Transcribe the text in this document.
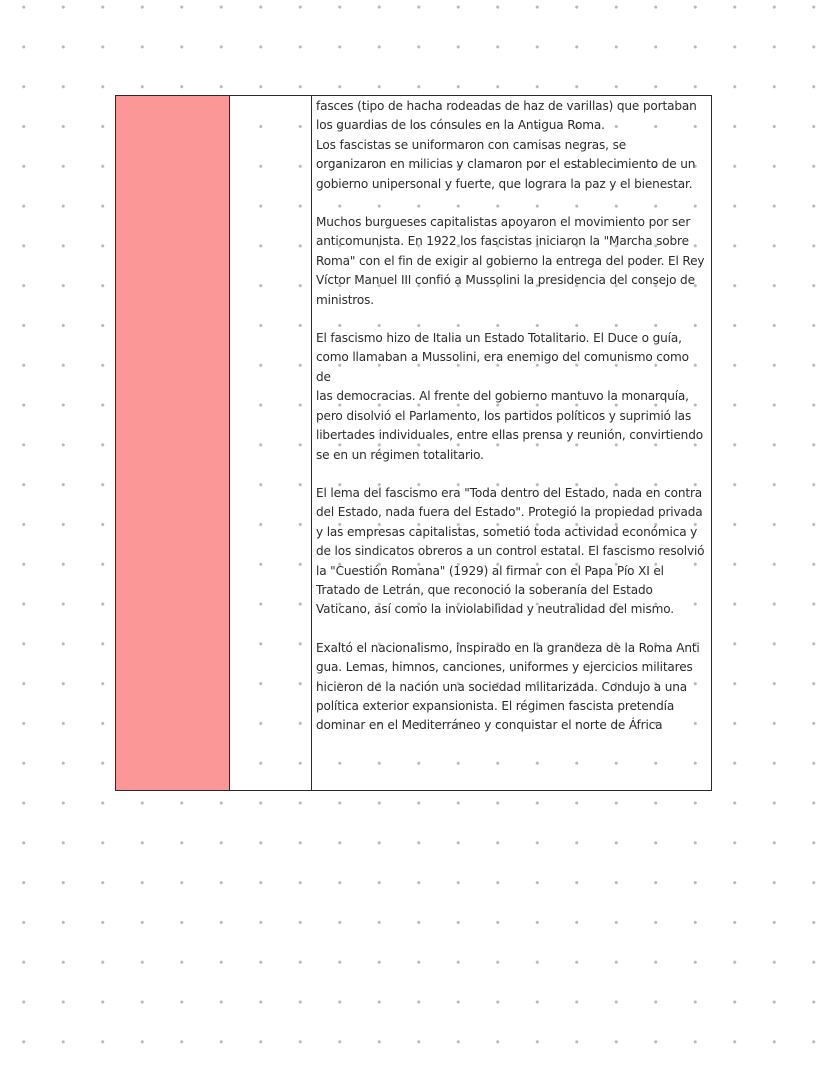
fasces (tipo de hacha rodeadas de haz de varillas) que portaban
los guardias de los cónsules en la Antigua Roma.
Los fascistas se uniformaron con camisas negras, se
organizaron en milicias y clamaron por el establecimiento de un
gobierno unipersonal y fuerte, que lograra la paz y el bienestar.

Muchos burgueses capitalistas apoyaron el movimiento por ser
anticomunista. En 1922 los fascistas iniciaron la "Marcha sobre
Roma" con el fin de exigir al gobierno la entrega del poder. El Rey
Víctor Manuel III confió a Mussolini la presidencia del consejo de
ministros.

El fascismo hizo de Italia un Estado Totalitario. El Duce o guía,
como llamaban a Mussolini, era enemigo del comunismo como de
las democracias. Al frente del gobierno mantuvo la monarquía,
pero disolvió el Parlamento, los partidos políticos y suprimió las
libertades individuales, entre ellas prensa y reunión, convirtiendo
se en un régimen totalitario.

El lema del fascismo era "Toda dentro del Estado, nada en contra
del Estado, nada fuera del Estado". Protegió la propiedad privada
y las empresas capitalistas, sometió toda actividad económica y
de los sindicatos obreros a un control estatal. El fascismo resolvió
la "Cuestión Romana" (1929) al firmar con el Papa Pío XI el
Tratado de Letrán, que reconoció la soberanía del Estado
Vaticano, así como la inviolabilidad y neutralidad del mismo.

Exaltó el nacionalismo, inspirado en la grandeza de la Roma Anti
gua. Lemas, himnos, canciones, uniformes y ejercicios militares
hicieron de la nación una sociedad militarizada. Condujo a una
política exterior expansionista. El régimen fascista pretendía
dominar en el Mediterráneo y conquistar el norte de África
